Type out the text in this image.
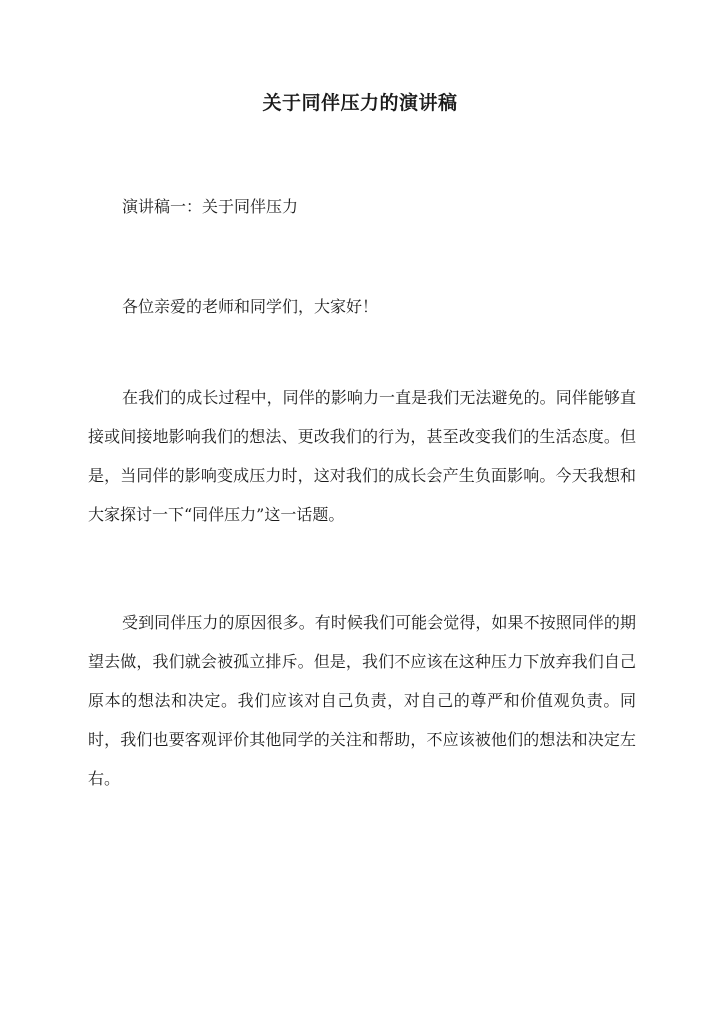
关于同伴压力的演讲稿

演讲稿一：关于同伴压力

各位亲爱的老师和同学们，大家好！

在我们的成长过程中，同伴的影响力一直是我们无法避免的。同伴能够直接或间接地影响我们的想法、更改我们的行为，甚至改变我们的生活态度。但是，当同伴的影响变成压力时，这对我们的成长会产生负面影响。今天我想和大家探讨一下“同伴压力”这一话题。

受到同伴压力的原因很多。有时候我们可能会觉得，如果不按照同伴的期望去做，我们就会被孤立排斥。但是，我们不应该在这种压力下放弃我们自己原本的想法和决定。我们应该对自己负责，对自己的尊严和价值观负责。同时，我们也要客观评价其他同学的关注和帮助，不应该被他们的想法和决定左右。
